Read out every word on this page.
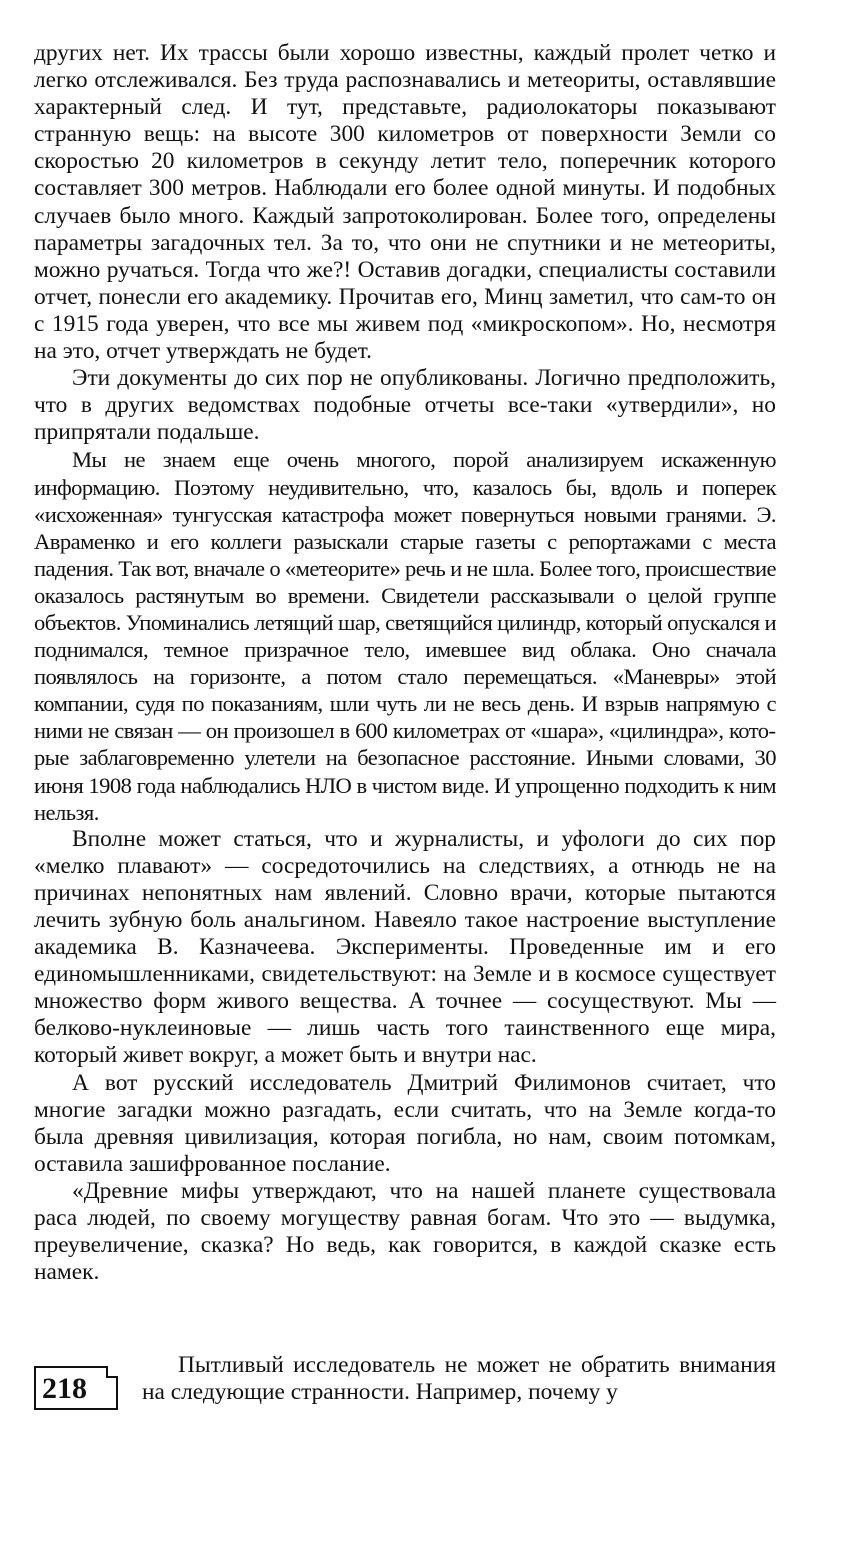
других нет. Их трассы были хорошо известны, каждый пролет четко и легко отслеживался. Без труда распознавались и метеориты, оставлявшие характерный след. И тут, представьте, радиолокаторы показывают странную вещь: на высоте 300 километров от поверхности Земли со скоростью 20 километров в секунду летит тело, поперечник которого составляет 300 метров. Наблюдали его более одной минуты. И подобных случаев было много. Каждый запротоколирован. Более того, определены параметры загадочных тел. За то, что они не спутники и не метеориты, можно ручаться. Тогда что же?! Оставив догадки, специалисты составили отчет, понесли его академику. Прочитав его, Минц заметил, что сам-то он с 1915 года уверен, что все мы живем под «микроскопом». Но, несмотря на это, отчет утверждать не будет.

Эти документы до сих пор не опубликованы. Логично предположить, что в других ведомствах подобные отчеты все-таки «утвердили», но припрятали подальше.

Мы не знаем еще очень многого, порой анализируем искаженную информацию. Поэтому неудивительно, что, казалось бы, вдоль и поперек «исхоженная» тунгусская катастрофа может повернуться новыми гранями. Э. Авраменко и его коллеги разыскали старые газеты с репортажами с места падения. Так вот, вначале о «метеорите» речь и не шла. Более того, происшествие оказалось растянутым во времени. Свидетели рассказывали о целой группе объектов. Упоминались летящий шар, светящийся цилиндр, который опускался и поднимался, темное призрачное тело, имевшее вид облака. Оно сначала появлялось на горизонте, а потом стало перемещаться. «Маневры» этой компании, судя по показаниям, шли чуть ли не весь день. И взрыв напрямую с ними не связан — он произошел в 600 километрах от «шара», «цилиндра», которые заблаговременно улетели на безопасное расстояние. Иными словами, 30 июня 1908 года наблюдались НЛО в чистом виде. И упрощенно подходить к ним нельзя.

Вполне может статься, что и журналисты, и уфологи до сих пор «мелко плавают» — сосредоточились на следствиях, а отнюдь не на причинах непонятных нам явлений. Словно врачи, которые пытаются лечить зубную боль анальгином. Навеяло такое настроение выступление академика В. Казначеева. Эксперименты. Проведенные им и его единомышленниками, свидетельствуют: на Земле и в космосе существует множество форм живого вещества. А точнее — сосуществуют. Мы — белково-нуклеиновые — лишь часть того таинственного еще мира, который живет вокруг, а может быть и внутри нас.

А вот русский исследователь Дмитрий Филимонов считает, что многие загадки можно разгадать, если считать, что на Земле когда-то была древняя цивилизация, которая погибла, но нам, своим потомкам, оставила зашифрованное послание.

«Древние мифы утверждают, что на нашей планете существовала раса людей, по своему могуществу равная богам. Что это — выдумка, преувеличение, сказка? Но ведь, как говорится, в каждой сказке есть намек.

218

Пытливый исследователь не может не обратить внимания на следующие странности. Например, почему у
